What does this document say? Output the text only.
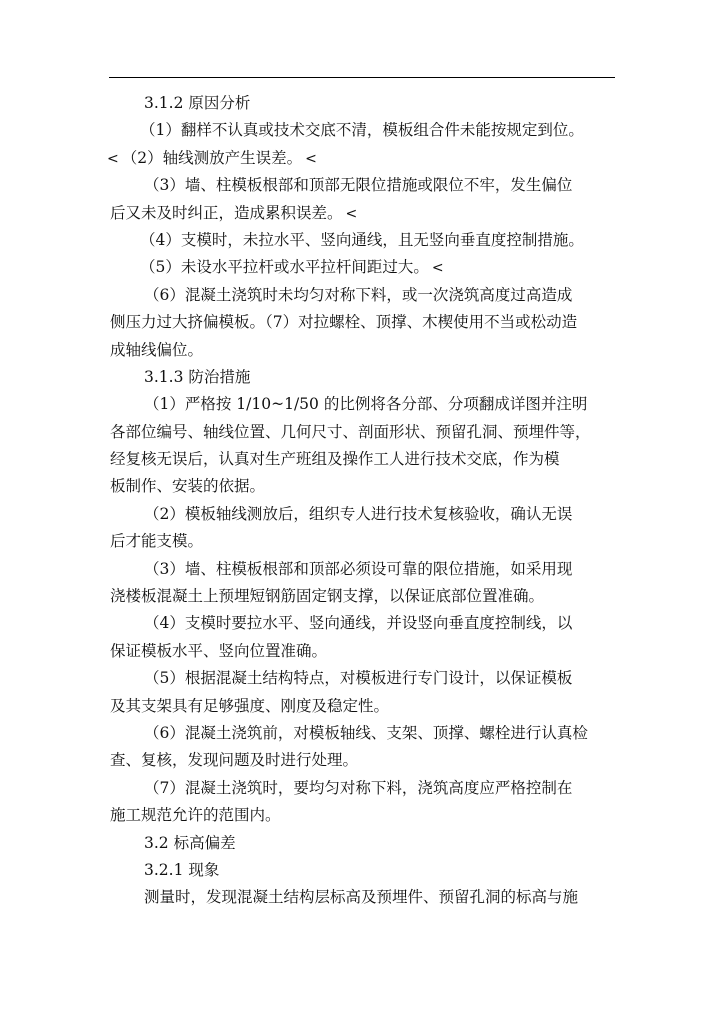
3.1.2 原因分析
（1）翻样不认真或技术交底不清，模板组合件未能按规定到位。
< （2）轴线测放产生误差。 <
（3）墙、柱模板根部和顶部无限位措施或限位不牢，发生偏位
后又未及时纠正，造成累积误差。 <
（4）支模时，未拉水平、竖向通线，且无竖向垂直度控制措施。
（5）未设水平拉杆或水平拉杆间距过大。 <
（6）混凝土浇筑时未均匀对称下料，或一次浇筑高度过高造成
侧压力过大挤偏模板。（7）对拉螺栓、顶撑、木楔使用不当或松动造
成轴线偏位。
3.1.3 防治措施
（1）严格按 1/10~1/50 的比例将各分部、分项翻成详图并注明
各部位编号、轴线位置、几何尺寸、剖面形状、预留孔洞、预埋件等，
经复核无误后，认真对生产班组及操作工人进行技术交底，作为模
板制作、安装的依据。
（2）模板轴线测放后，组织专人进行技术复核验收，确认无误
后才能支模。
（3）墙、柱模板根部和顶部必须设可靠的限位措施，如采用现
浇楼板混凝土上预埋短钢筋固定钢支撑，以保证底部位置准确。
（4）支模时要拉水平、竖向通线，并设竖向垂直度控制线，以
保证模板水平、竖向位置准确。
（5）根据混凝土结构特点，对模板进行专门设计，以保证模板
及其支架具有足够强度、刚度及稳定性。
（6）混凝土浇筑前，对模板轴线、支架、顶撑、螺栓进行认真检
查、复核，发现问题及时进行处理。
（7）混凝土浇筑时，要均匀对称下料，浇筑高度应严格控制在
施工规范允许的范围内。
3.2 标高偏差
3.2.1 现象
测量时，发现混凝土结构层标高及预埋件、预留孔洞的标高与施
